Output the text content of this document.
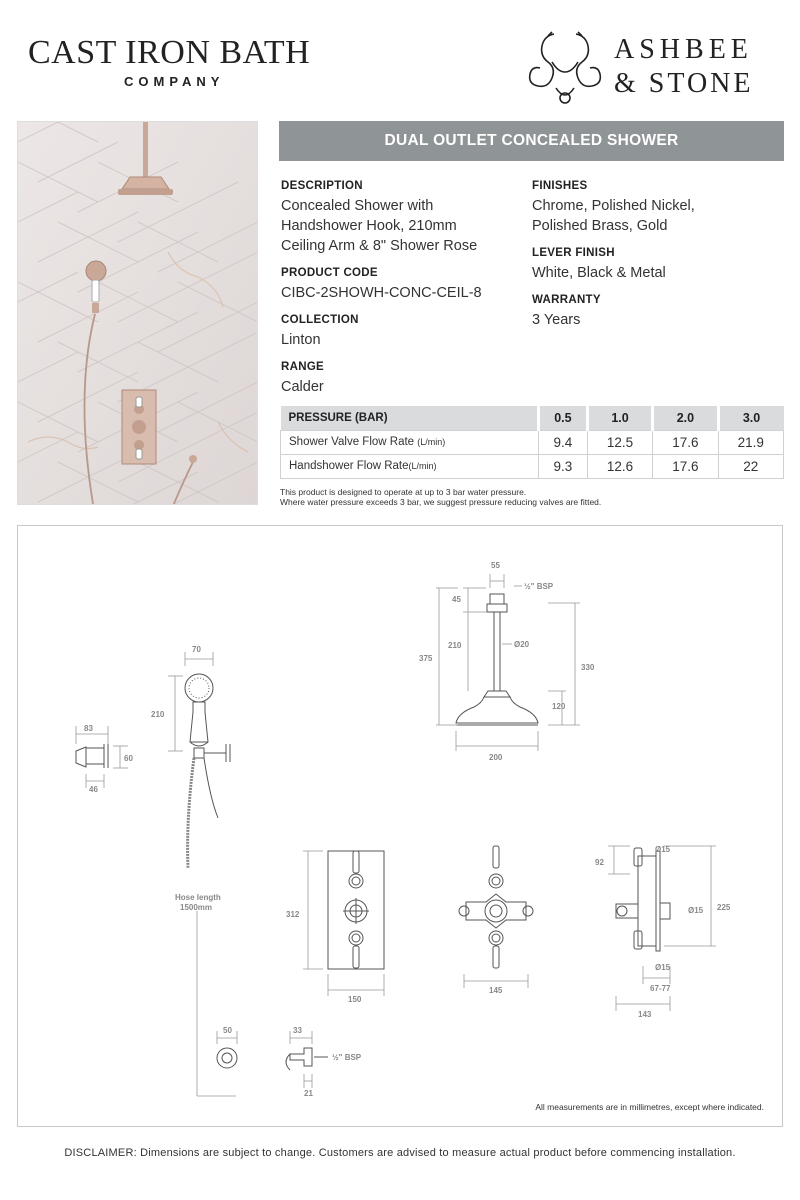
CAST IRON BATH
COMPANY
ASHBEE
& STONE
DUAL OUTLET CONCEALED SHOWER
DESCRIPTION
Concealed Shower with
Handshower Hook, 210mm
Ceiling Arm & 8" Shower Rose
PRODUCT CODE
CIBC-2SHOWH-CONC-CEIL-8
COLLECTION
Linton
RANGE
Calder
FINISHES
Chrome, Polished Nickel,
Polished Brass, Gold
LEVER FINISH
White, Black & Metal
WARRANTY
3 Years
PRESSURE (BAR)	0.5	1.0	2.0	3.0
Shower Valve Flow Rate (L/min)	9.4	12.5	17.6	21.9
Handshower Flow Rate(L/min)	9.3	12.6	17.6	22
This product is designed to operate at up to 3 bar water pressure.
Where water pressure exceeds 3 bar, we suggest pressure reducing valves are fitted.
55
½" BSP
45
210	Ø20
375
330
120
200
70
210
83
60
46
Hose length
1500mm
312
150
145
92
Ø15
Ø15
Ø15
225
67-77
143
50	33
½" BSP
21
All measurements are in millimetres, except where indicated.
DISCLAIMER: Dimensions are subject to change. Customers are advised to measure actual product before commencing installation.
